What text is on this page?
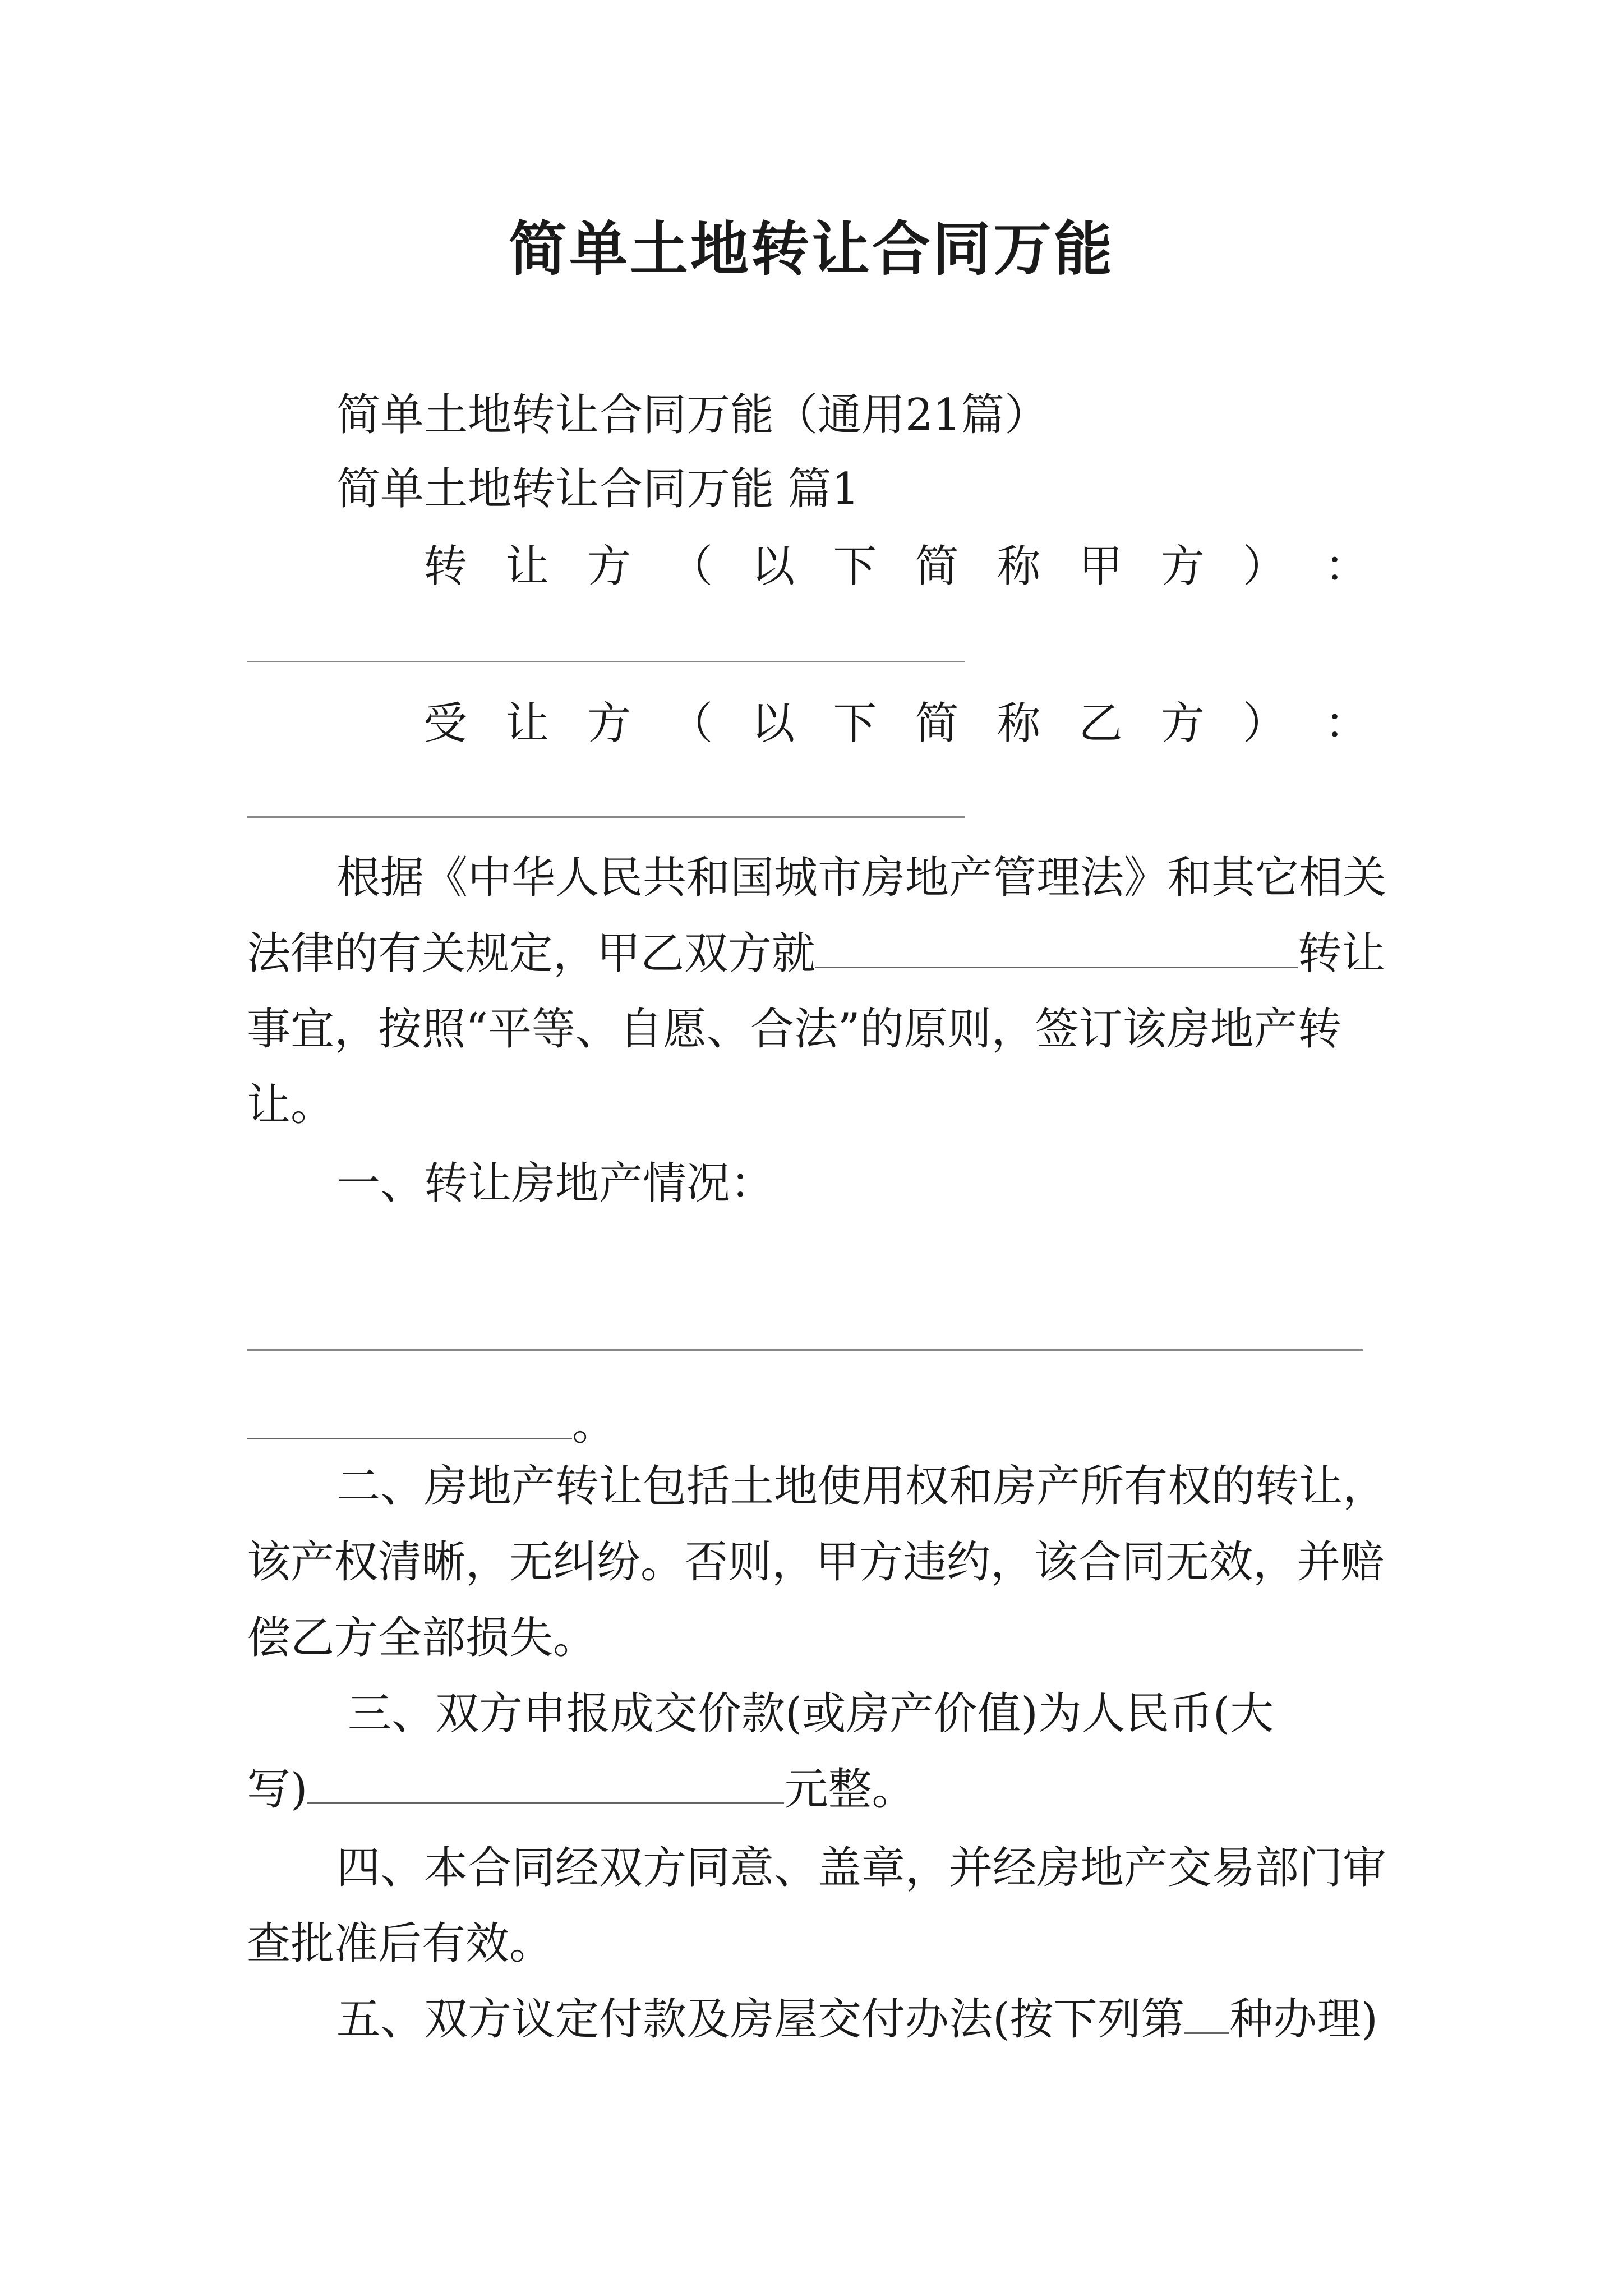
简单土地转让合同万能
简单土地转让合同万能（通用21篇）
简单土地转让合同万能 篇1
转 让 方 （ 以 下 简 称 甲 方 ） ：
受 让 方 （ 以 下 简 称 乙 方 ） ：
根据《中华人民共和国城市房地产管理法》和其它相关
法律的有关规定，甲乙双方就	转让
事宜，按照“平等、自愿、合法”的原则，签订该房地产转
让。
一、转让房地产情况：
。
二、房地产转让包括土地使用权和房产所有权的转让，
该产权清晰，无纠纷。否则，甲方违约，该合同无效，并赔
偿乙方全部损失。
三、双方申报成交价款(或房产价值)为人民币(大
写)	元整。
四、本合同经双方同意、盖章，并经房地产交易部门审
查批准后有效。
五、双方议定付款及房屋交付办法(按下列第 种办理)
